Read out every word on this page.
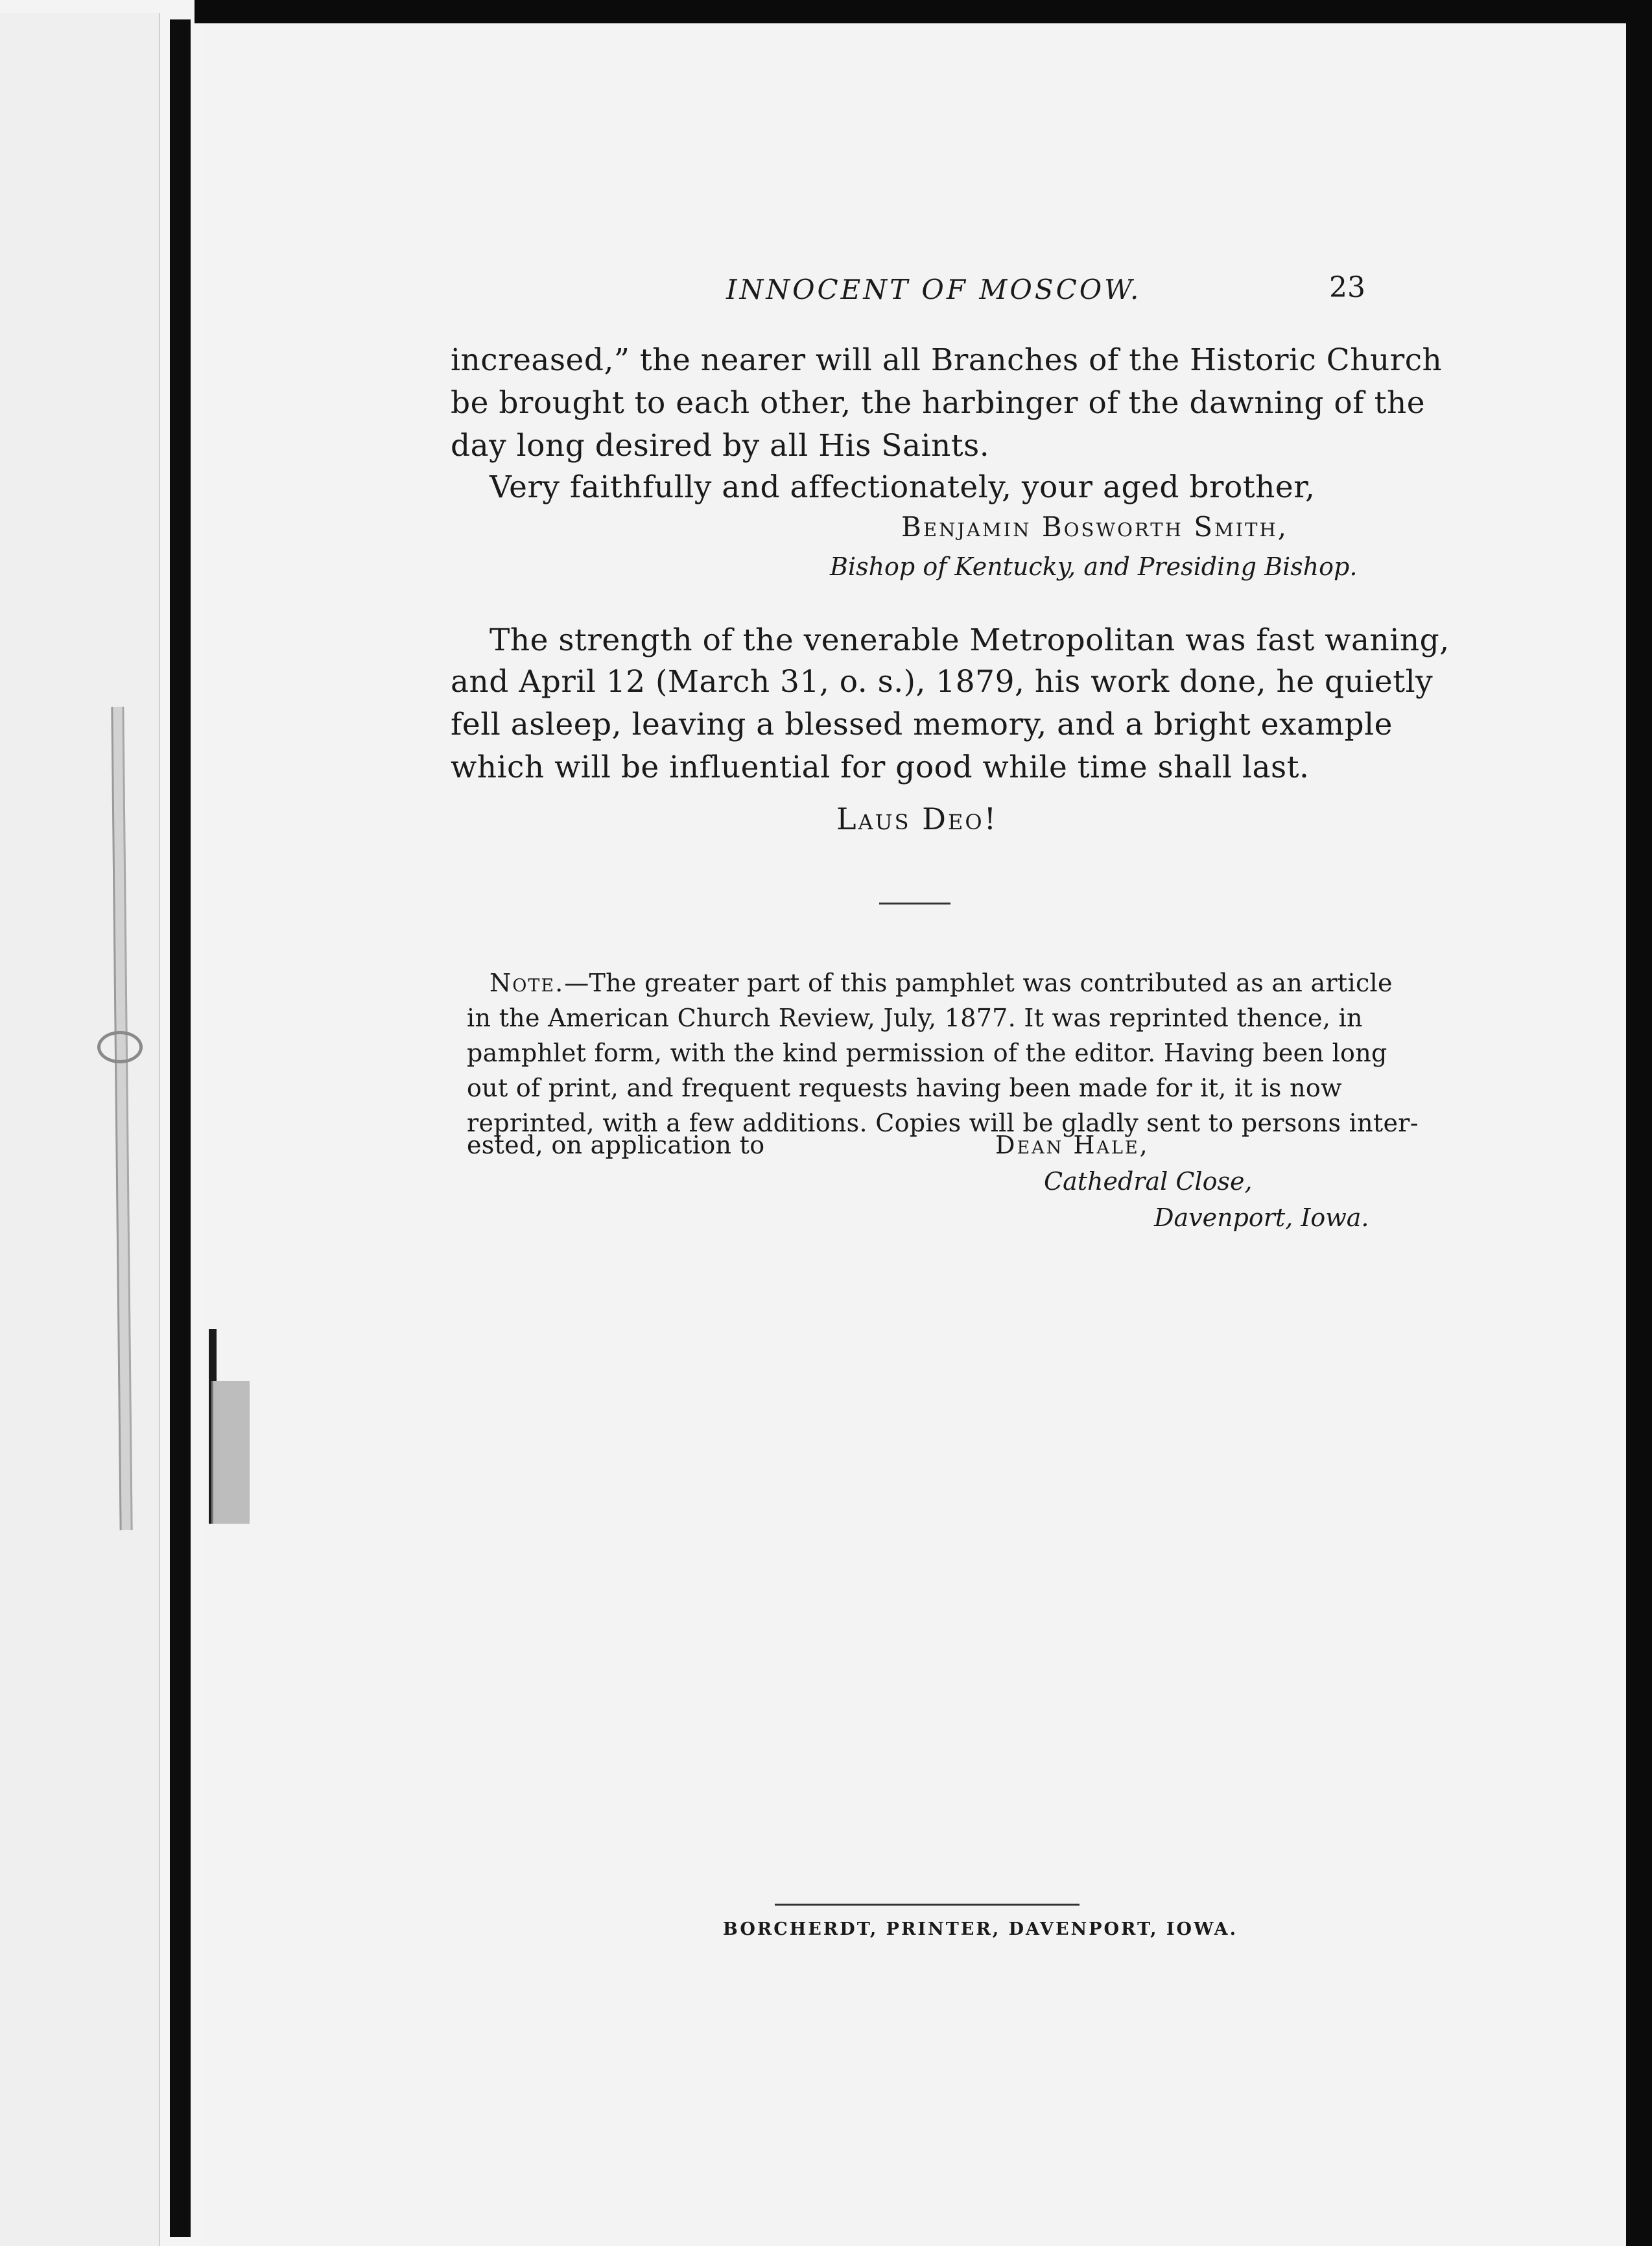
INNOCENT OF MOSCOW.	23
increased,” the nearer will all Branches of the Historic Church
be brought to each other, the harbinger of the dawning of the
day long desired by all His Saints.
Very faithfully and affectionately, your aged brother,
Benjamin Bosworth Smith,
Bishop of Kentucky, and Presiding Bishop.
The strength of the venerable Metropolitan was fast waning,
and April 12 (March 31, o. s.), 1879, his work done, he quietly
fell asleep, leaving a blessed memory, and a bright example
which will be influential for good while time shall last.
Laus Deo!
Note.—The greater part of this pamphlet was contributed as an article
in the American Church Review, July, 1877. It was reprinted thence, in
pamphlet form, with the kind permission of the editor. Having been long
out of print, and frequent requests having been made for it, it is now
reprinted, with a few additions. Copies will be gladly sent to persons inter-
ested, on application to	Dean Hale,
Cathedral Close,
Davenport, Iowa.
BORCHERDT, PRINTER, DAVENPORT, IOWA.
